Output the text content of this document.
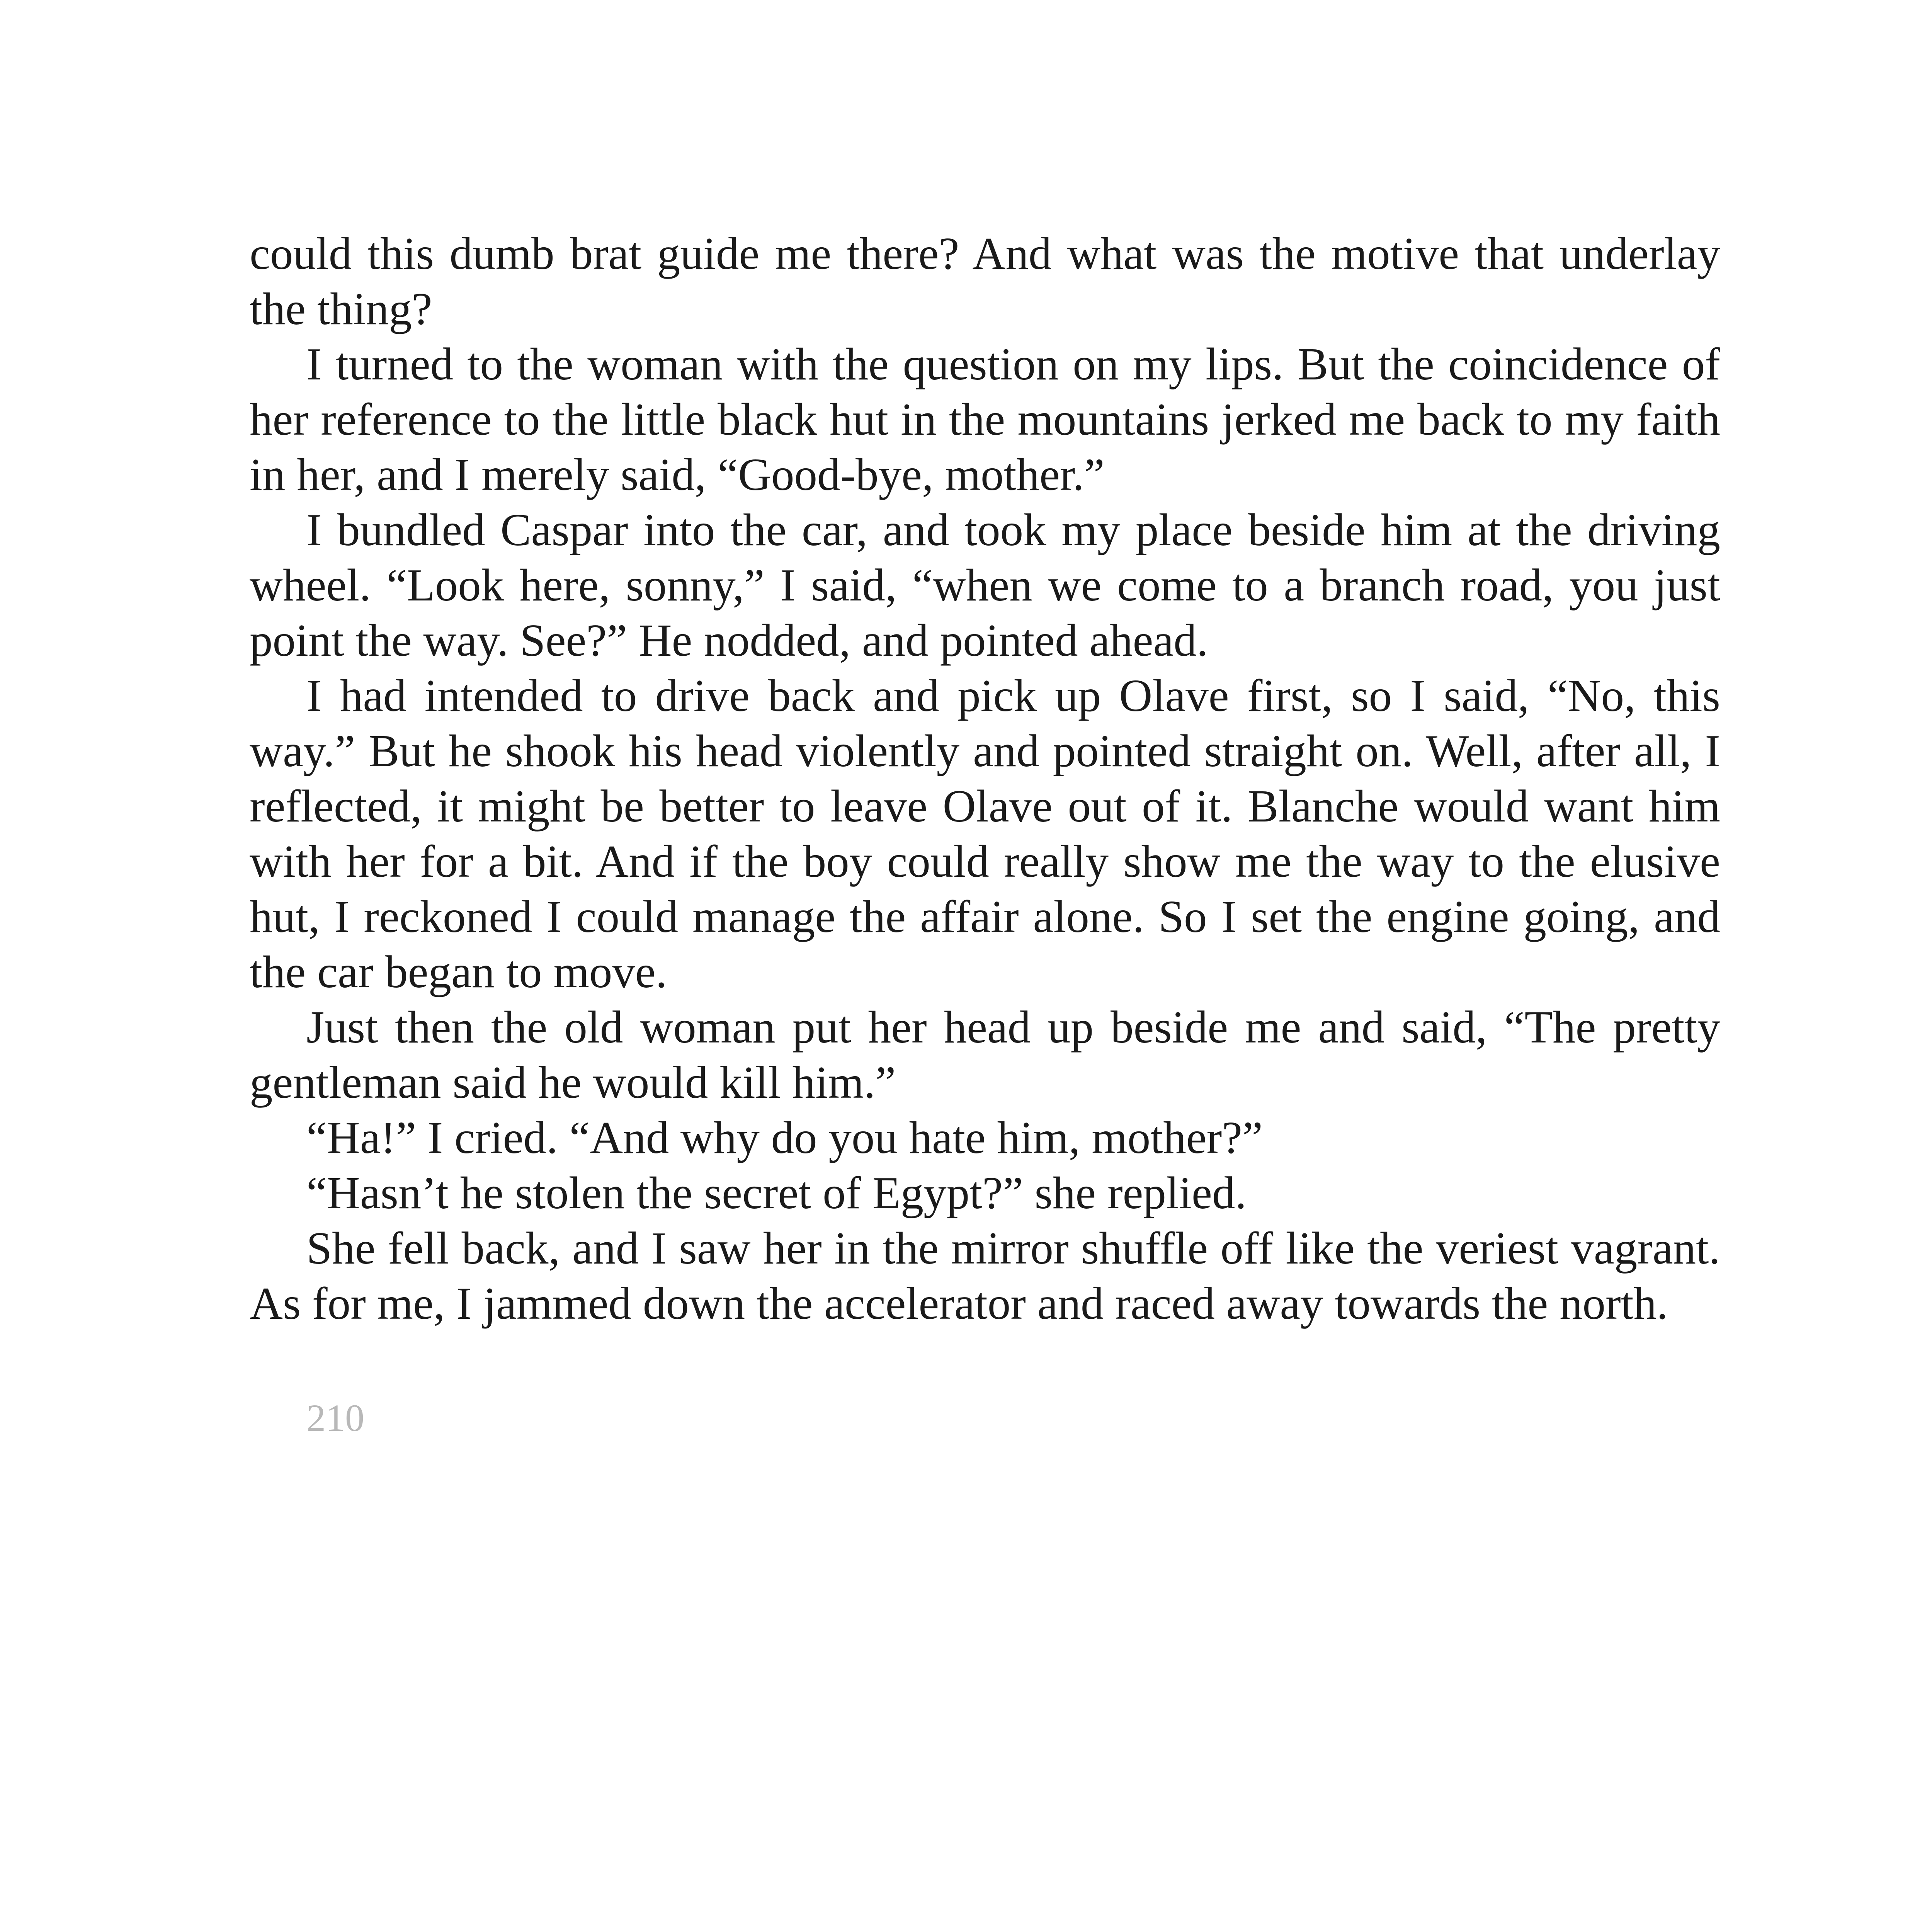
could this dumb brat guide me there? And what was the motive that underlay the thing?

I turned to the woman with the question on my lips. But the coincidence of her reference to the little black hut in the mountains jerked me back to my faith in her, and I merely said, “Good-bye, mother.”

I bundled Caspar into the car, and took my place beside him at the driving wheel. “Look here, sonny,” I said, “when we come to a branch road, you just point the way. See?” He nodded, and pointed ahead.

I had intended to drive back and pick up Olave first, so I said, “No, this way.” But he shook his head violently and pointed straight on. Well, after all, I reflected, it might be better to leave Olave out of it. Blanche would want him with her for a bit. And if the boy could really show me the way to the elusive hut, I reckoned I could manage the affair alone. So I set the engine going, and the car began to move.

Just then the old woman put her head up beside me and said, “The pretty gentleman said he would kill him.”

“Ha!” I cried. “And why do you hate him, mother?”

“Hasn’t he stolen the secret of Egypt?” she replied.

She fell back, and I saw her in the mirror shuffle off like the veriest vagrant. As for me, I jammed down the accelerator and raced away towards the north.

210
